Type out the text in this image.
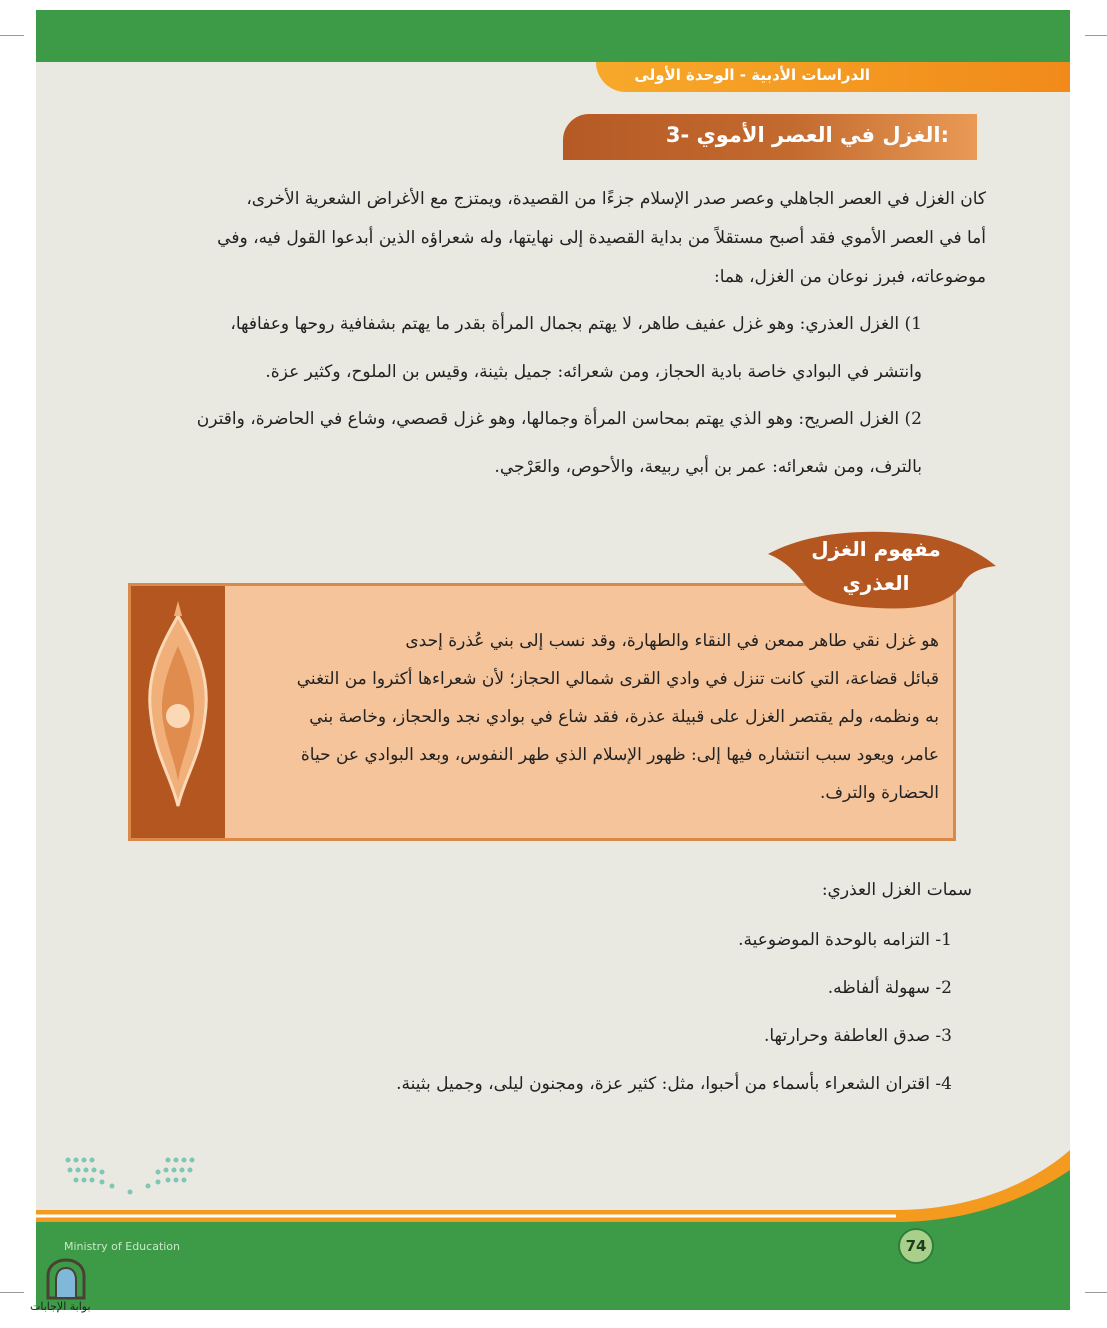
الدراسات الأدبية - الوحدة الأولى
3- الغزل في العصر الأموي:
كان الغزل في العصر الجاهلي وعصر صدر الإسلام جزءًا من القصيدة، ويمتزج مع الأغراض الشعرية الأخرى،
أما في العصر الأموي فقد أصبح مستقلاً من بداية القصيدة إلى نهايتها، وله شعراؤه الذين أبدعوا القول فيه، وفي
موضوعاته، فبرز نوعان من الغزل، هما:
1) الغزل العذري: وهو غزل عفيف طاهر، لا يهتم بجمال المرأة بقدر ما يهتم بشفافية روحها وعفافها،
وانتشر في البوادي خاصة بادية الحجاز، ومن شعرائه: جميل بثينة، وقيس بن الملوح، وكثير عزة.
2) الغزل الصريح: وهو الذي يهتم بمحاسن المرأة وجمالها، وهو غزل قصصي، وشاع في الحاضرة، واقترن
بالترف، ومن شعرائه: عمر بن أبي ربيعة، والأحوص، والعَرْجي.
هو غزل نقي طاهر ممعن في النقاء والطهارة، وقد نسب إلى بني عُذرة إحدى
قبائل قضاعة، التي كانت تنزل في وادي القرى شمالي الحجاز؛ لأن شعراءها أكثروا من التغني
به ونظمه، ولم يقتصر الغزل على قبيلة عذرة، فقد شاع في بوادي نجد والحجاز، وخاصة بني
عامر، ويعود سبب انتشاره فيها إلى: ظهور الإسلام الذي طهر النفوس، وبعد البوادي عن حياة
الحضارة والترف.
مفهوم الغزل
العذري
سمات الغزل العذري:
1- التزامه بالوحدة الموضوعية.
2- سهولة ألفاظه.
3- صدق العاطفة وحرارتها.
4- اقتران الشعراء بأسماء من أحبوا، مثل: كثير عزة، ومجنون ليلى، وجميل بثينة.
74
Ministry of Education
بوابة الإجابات
